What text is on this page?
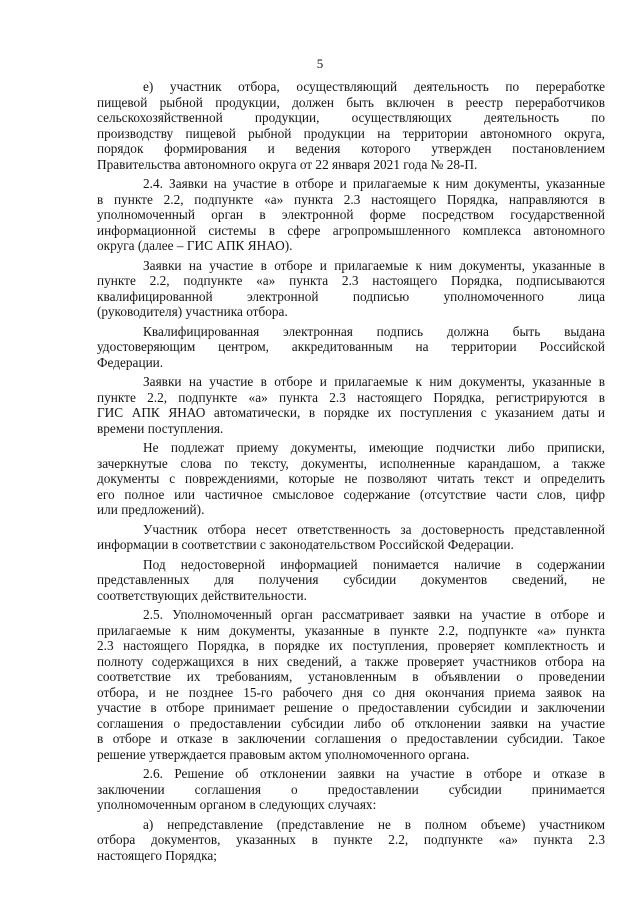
5

е) участник отбора, осуществляющий деятельность по переработке
пищевой рыбной продукции, должен быть включен в реестр переработчиков
сельскохозяйственной продукции, осуществляющих деятельность по
производству пищевой рыбной продукции на территории автономного округа,
порядок формирования и ведения которого утвержден постановлением
Правительства автономного округа от 22 января 2021 года № 28-П.

2.4. Заявки на участие в отборе и прилагаемые к ним документы, указанные
в пункте 2.2, подпункте «а» пункта 2.3 настоящего Порядка, направляются в
уполномоченный орган в электронной форме посредством государственной
информационной системы в сфере агропромышленного комплекса автономного
округа (далее – ГИС АПК ЯНАО).

Заявки на участие в отборе и прилагаемые к ним документы, указанные в
пункте 2.2, подпункте «а» пункта 2.3 настоящего Порядка, подписываются
квалифицированной электронной подписью уполномоченного лица
(руководителя) участника отбора.

Квалифицированная электронная подпись должна быть выдана
удостоверяющим центром, аккредитованным на территории Российской
Федерации.

Заявки на участие в отборе и прилагаемые к ним документы, указанные в
пункте 2.2, подпункте «а» пункта 2.3 настоящего Порядка, регистрируются в
ГИС АПК ЯНАО автоматически, в порядке их поступления с указанием даты и
времени поступления.

Не подлежат приему документы, имеющие подчистки либо приписки,
зачеркнутые слова по тексту, документы, исполненные карандашом, а также
документы с повреждениями, которые не позволяют читать текст и определить
его полное или частичное смысловое содержание (отсутствие части слов, цифр
или предложений).

Участник отбора несет ответственность за достоверность представленной
информации в соответствии с законодательством Российской Федерации.

Под недостоверной информацией понимается наличие в содержании
представленных для получения субсидии документов сведений, не
соответствующих действительности.

2.5. Уполномоченный орган рассматривает заявки на участие в отборе и
прилагаемые к ним документы, указанные в пункте 2.2, подпункте «а» пункта
2.3 настоящего Порядка, в порядке их поступления, проверяет комплектность и
полноту содержащихся в них сведений, а также проверяет участников отбора на
соответствие их требованиям, установленным в объявлении о проведении
отбора, и не позднее 15-го рабочего дня со дня окончания приема заявок на
участие в отборе принимает решение о предоставлении субсидии и заключении
соглашения о предоставлении субсидии либо об отклонении заявки на участие
в отборе и отказе в заключении соглашения о предоставлении субсидии. Такое
решение утверждается правовым актом уполномоченного органа.

2.6. Решение об отклонении заявки на участие в отборе и отказе в
заключении соглашения о предоставлении субсидии принимается
уполномоченным органом в следующих случаях:

а) непредставление (представление не в полном объеме) участником
отбора документов, указанных в пункте 2.2, подпункте «а» пункта 2.3
настоящего Порядка;
